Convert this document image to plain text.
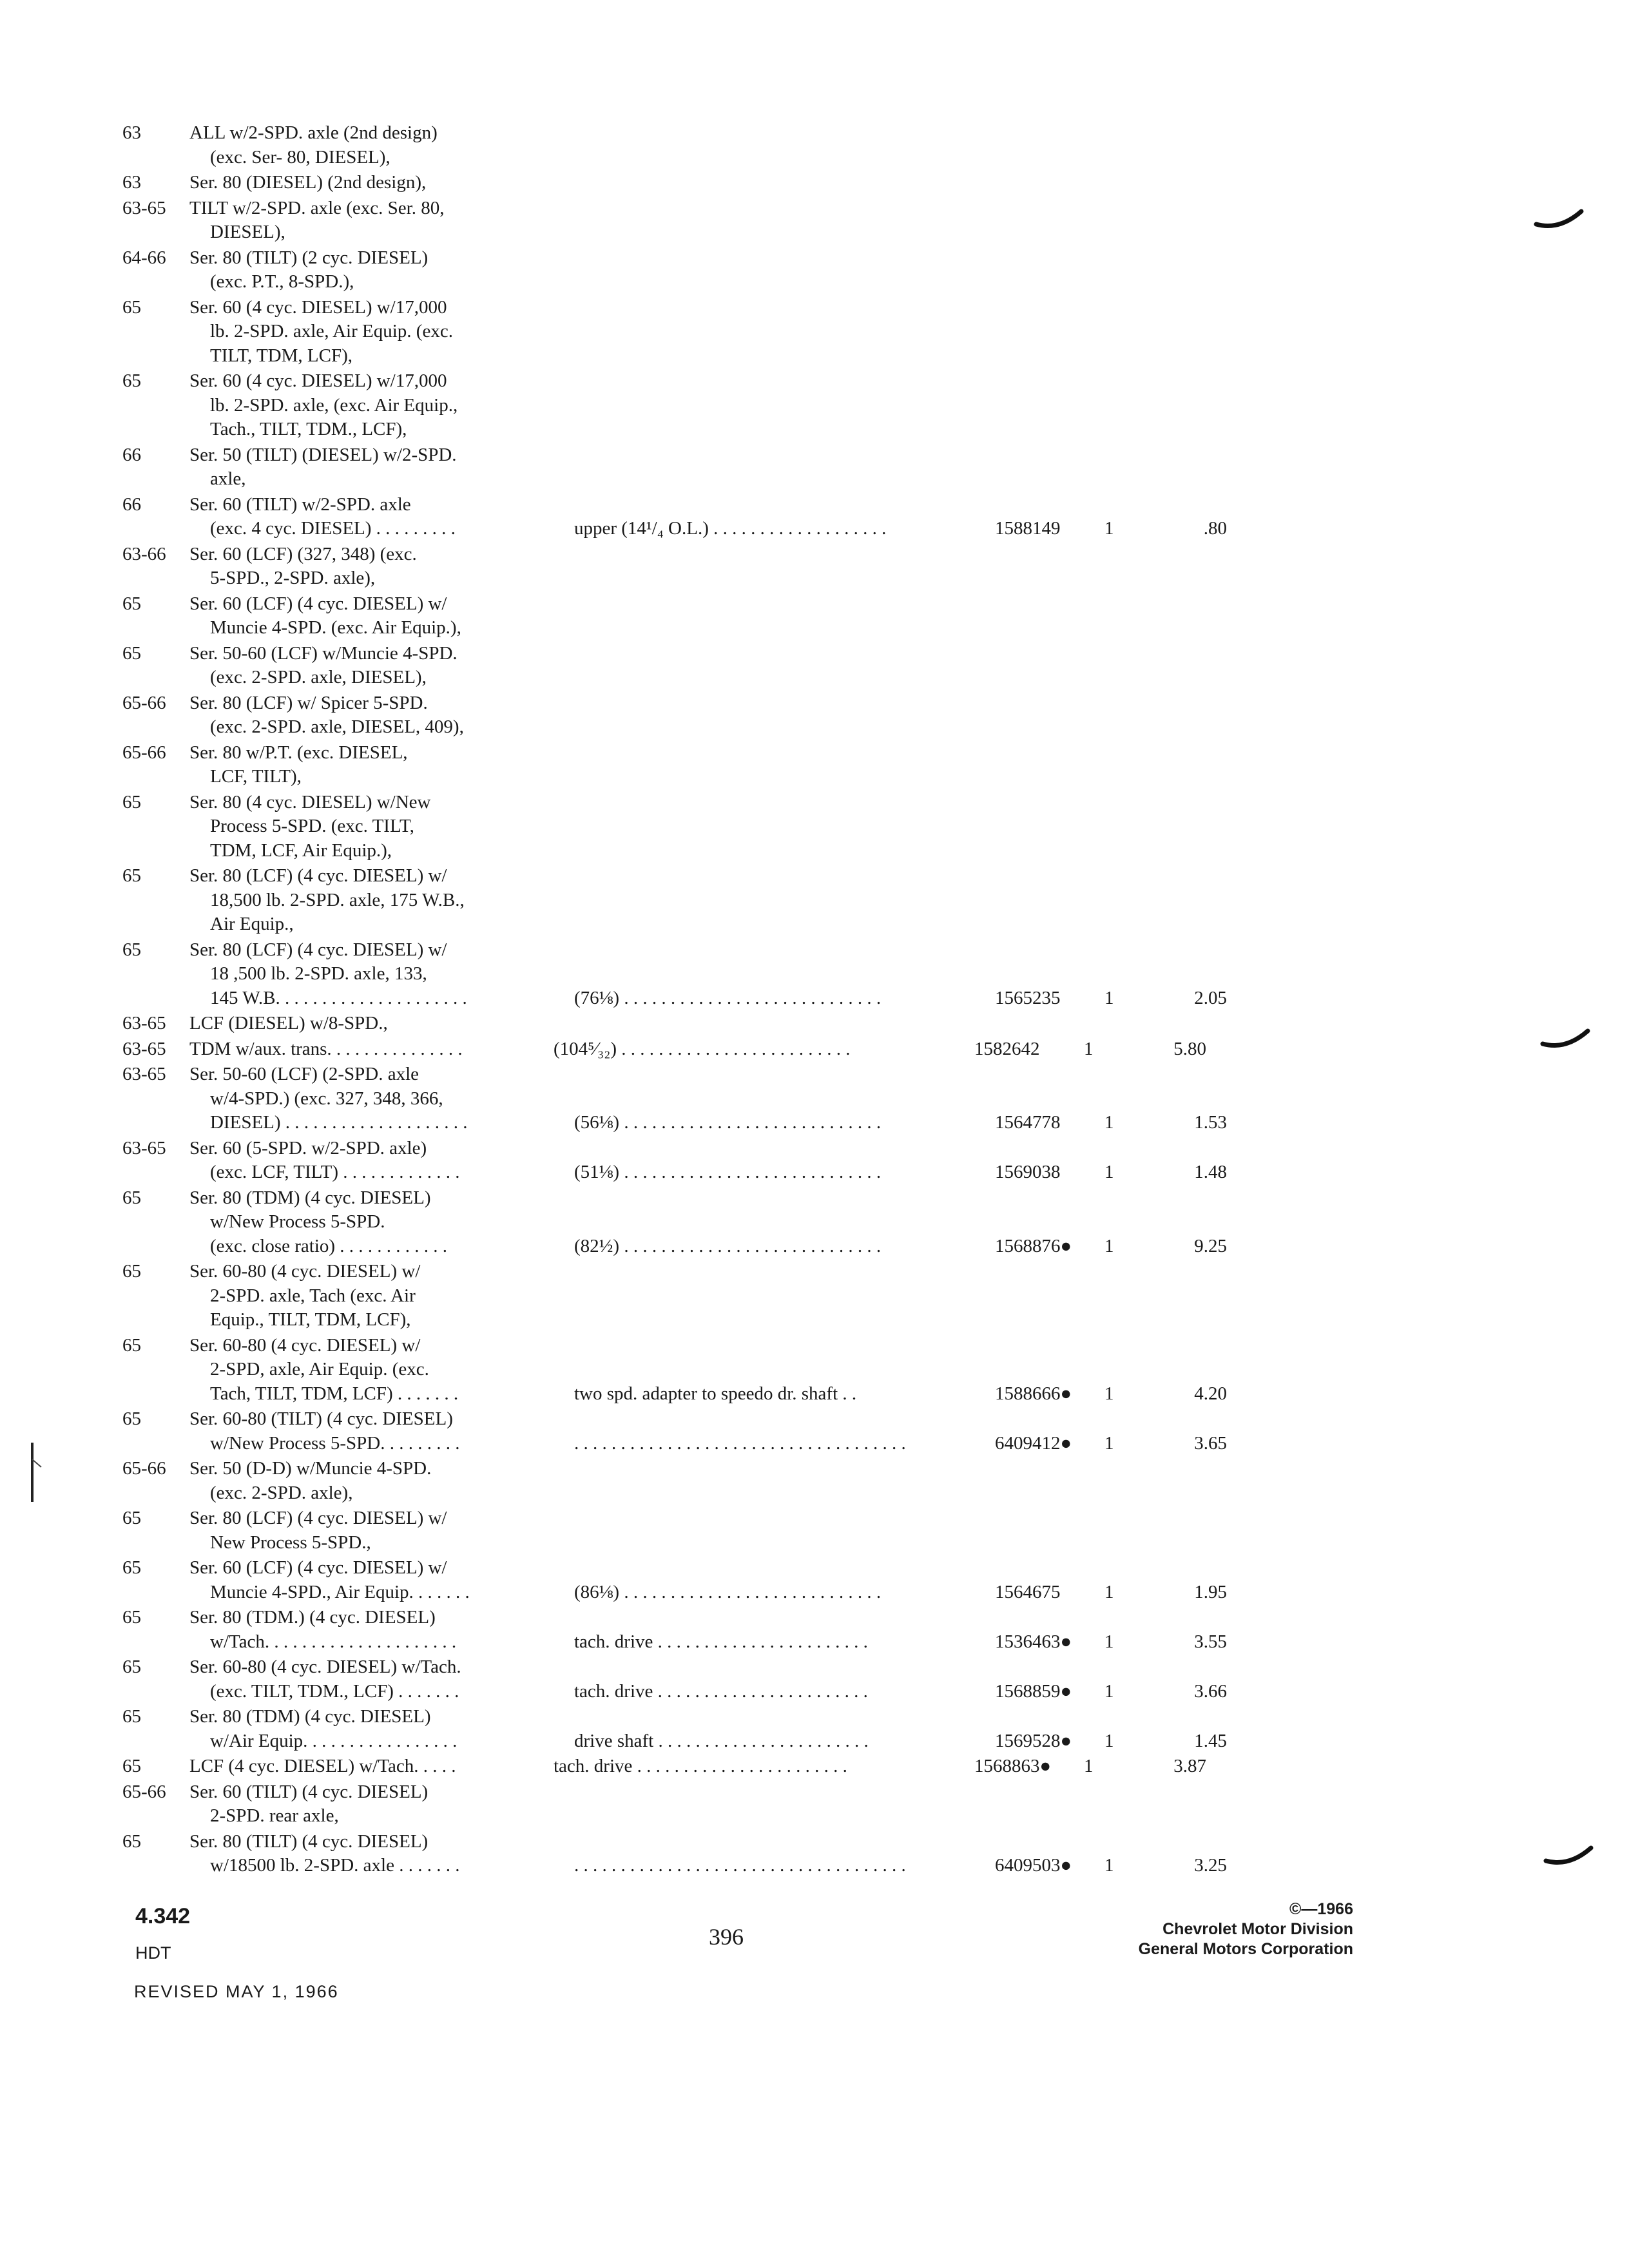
63	ALL w/2-SPD. axle (2nd design)
(exc. Ser- 80, DIESEL),
63	Ser. 80 (DIESEL) (2nd design),
63-65	TILT w/2-SPD. axle (exc. Ser. 80,
DIESEL),
64-66	Ser. 80 (TILT) (2 cyc. DIESEL)
(exc. P.T., 8-SPD.),
65	Ser. 60 (4 cyc. DIESEL) w/17,000
lb. 2-SPD. axle, Air Equip. (exc.
TILT, TDM, LCF),
65	Ser. 60 (4 cyc. DIESEL) w/17,000
lb. 2-SPD. axle, (exc. Air Equip.,
Tach., TILT, TDM., LCF),
66	Ser. 50 (TILT) (DIESEL) w/2-SPD.
axle,
66	Ser. 60 (TILT) w/2-SPD. axle
(exc. 4 cyc. DIESEL) . . . . . . . . .	upper (14¹/₄ O.L.) . . . . . . . . . . . . . . . . . . .	1588149	1	.80
63-66	Ser. 60 (LCF) (327, 348) (exc.
5-SPD., 2-SPD. axle),
65	Ser. 60 (LCF) (4 cyc. DIESEL) w/
Muncie 4-SPD. (exc. Air Equip.),
65	Ser. 50-60 (LCF) w/Muncie 4-SPD.
(exc. 2-SPD. axle, DIESEL),
65-66	Ser. 80 (LCF) w/ Spicer 5-SPD.
(exc. 2-SPD. axle, DIESEL, 409),
65-66	Ser. 80 w/P.T. (exc. DIESEL,
LCF, TILT),
65	Ser. 80 (4 cyc. DIESEL) w/New
Process 5-SPD. (exc. TILT,
TDM, LCF, Air Equip.),
65	Ser. 80 (LCF) (4 cyc. DIESEL) w/
18,500 lb. 2-SPD. axle, 175 W.B.,
Air Equip.,
65	Ser. 80 (LCF) (4 cyc. DIESEL) w/
18 ,500 lb. 2-SPD. axle, 133,
145 W.B. . . . . . . . . . . . . . . . . . . . .	(76⅛) . . . . . . . . . . . . . . . . . . . . . . . . . . . .	1565235	1	2.05
63-65	LCF (DIESEL) w/8-SPD.,
63-65	TDM w/aux. trans. . . . . . . . . . . . . . .	(104⁵⁄₃₂) . . . . . . . . . . . . . . . . . . . . . . . . .	1582642	1	5.80
63-65	Ser. 50-60 (LCF) (2-SPD. axle
w/4-SPD.) (exc. 327, 348, 366,
DIESEL) . . . . . . . . . . . . . . . . . . . .	(56⅛) . . . . . . . . . . . . . . . . . . . . . . . . . . . .	1564778	1	1.53
63-65	Ser. 60 (5-SPD. w/2-SPD. axle)
(exc. LCF, TILT) . . . . . . . . . . . . .	(51⅛) . . . . . . . . . . . . . . . . . . . . . . . . . . . .	1569038	1	1.48
65	Ser. 80 (TDM) (4 cyc. DIESEL)
w/New Process 5-SPD.
(exc. close ratio) . . . . . . . . . . . .	(82½) . . . . . . . . . . . . . . . . . . . . . . . . . . . .	1568876●	1	9.25
65	Ser. 60-80 (4 cyc. DIESEL) w/
2-SPD. axle, Tach (exc. Air
Equip., TILT, TDM, LCF),
65	Ser. 60-80 (4 cyc. DIESEL) w/
2-SPD, axle, Air Equip. (exc.
Tach, TILT, TDM, LCF) . . . . . . .	two spd. adapter to speedo dr. shaft . .	1588666●	1	4.20
65	Ser. 60-80 (TILT) (4 cyc. DIESEL)
w/New Process 5-SPD. . . . . . . . .	. . . . . . . . . . . . . . . . . . . . . . . . . . . . . . . . . . . .	6409412●	1	3.65
65-66	Ser. 50 (D-D) w/Muncie 4-SPD.
(exc. 2-SPD. axle),
65	Ser. 80 (LCF) (4 cyc. DIESEL) w/
New Process 5-SPD.,
65	Ser. 60 (LCF) (4 cyc. DIESEL) w/
Muncie 4-SPD., Air Equip. . . . . . .	(86⅛) . . . . . . . . . . . . . . . . . . . . . . . . . . . .	1564675	1	1.95
65	Ser. 80 (TDM.) (4 cyc. DIESEL)
w/Tach. . . . . . . . . . . . . . . . . . . . .	tach. drive . . . . . . . . . . . . . . . . . . . . . . .	1536463●	1	3.55
65	Ser. 60-80 (4 cyc. DIESEL) w/Tach.
(exc. TILT, TDM., LCF) . . . . . . .	tach. drive . . . . . . . . . . . . . . . . . . . . . . .	1568859●	1	3.66
65	Ser. 80 (TDM) (4 cyc. DIESEL)
w/Air Equip. . . . . . . . . . . . . . . . .	drive shaft . . . . . . . . . . . . . . . . . . . . . . .	1569528●	1	1.45
65	LCF (4 cyc. DIESEL) w/Tach. . . . .	tach. drive . . . . . . . . . . . . . . . . . . . . . . .	1568863●	1	3.87
65-66	Ser. 60 (TILT) (4 cyc. DIESEL)
2-SPD. rear axle,
65	Ser. 80 (TILT) (4 cyc. DIESEL)
w/18500 lb. 2-SPD. axle . . . . . . .	. . . . . . . . . . . . . . . . . . . . . . . . . . . . . . . . . . . .	6409503●	1	3.25
4.342
HDT
REVISED MAY 1, 1966
396
©—1966
Chevrolet Motor Division
General Motors Corporation
